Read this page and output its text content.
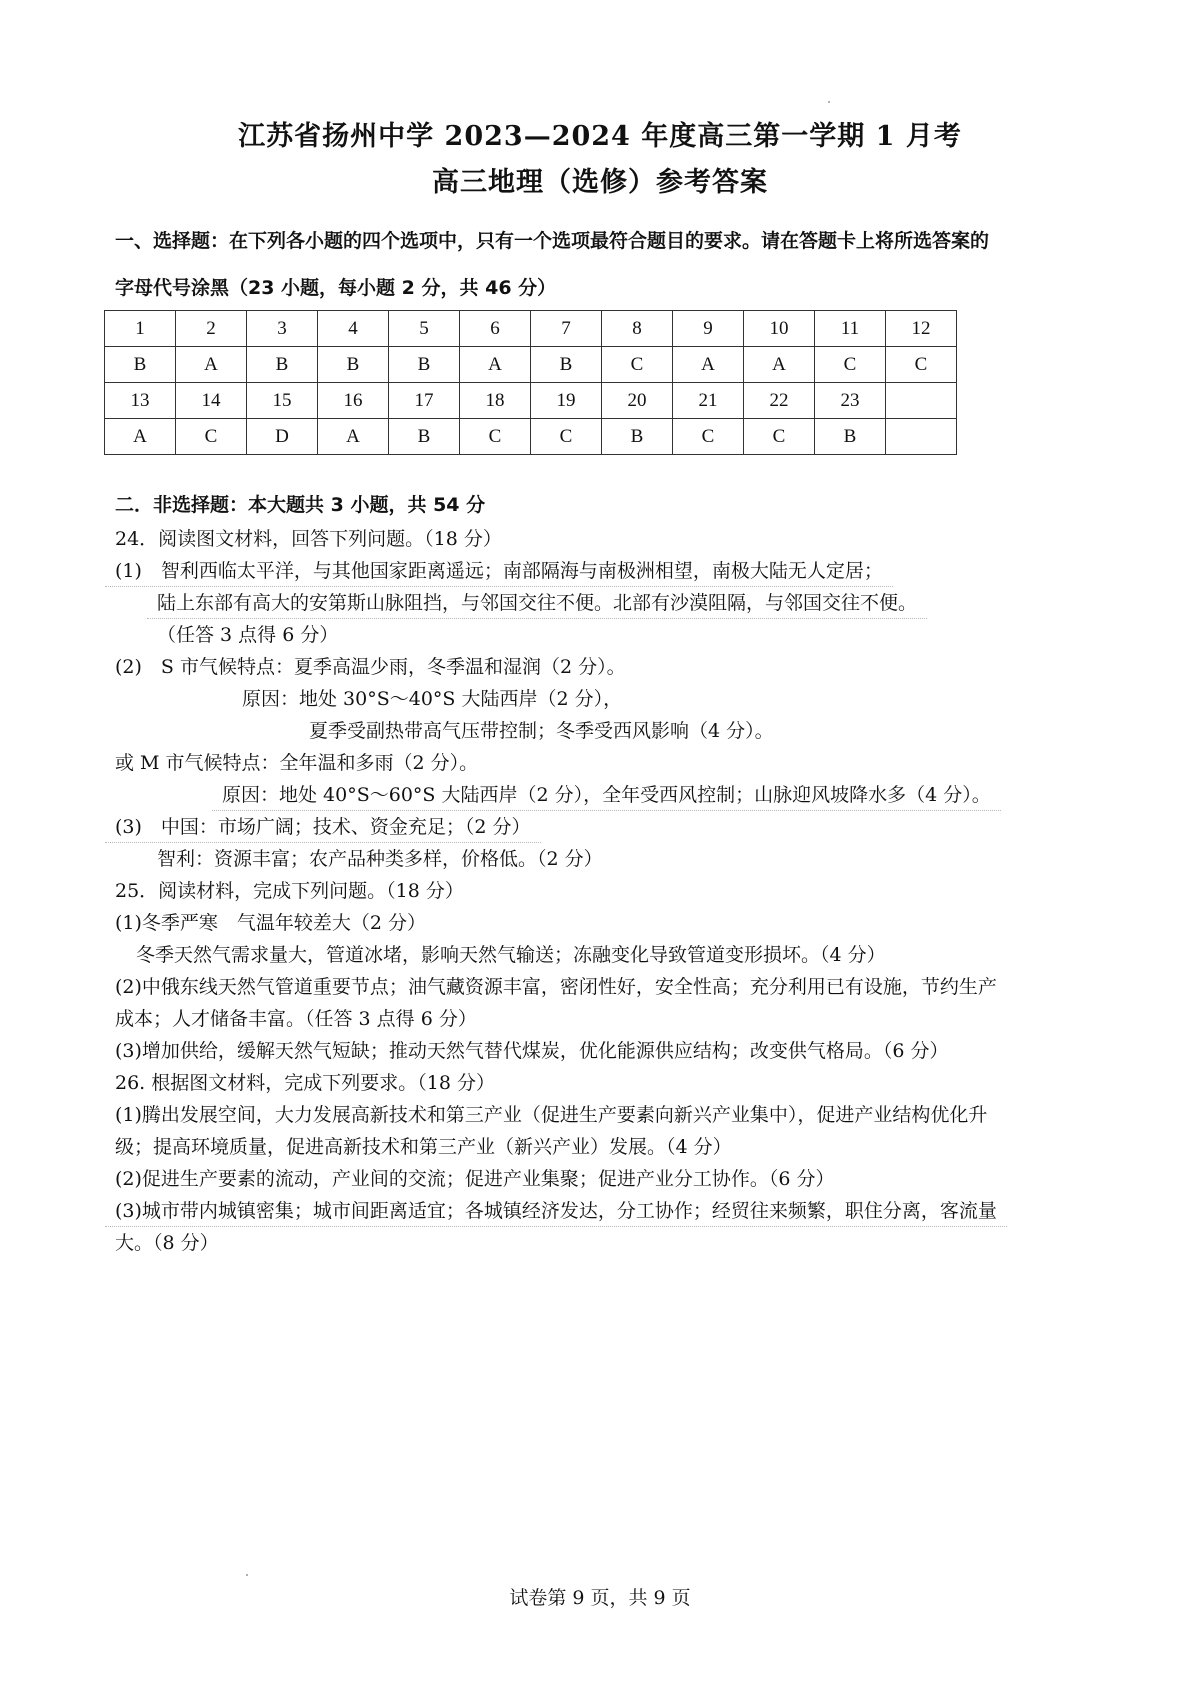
江苏省扬州中学 2023—2024 年度高三第一学期 1 月考
高三地理（选修）参考答案
一、选择题：在下列各小题的四个选项中，只有一个选项最符合题目的要求。请在答题卡上将所选答案的
字母代号涂黑（23 小题，每小题 2 分，共 46 分）
1	2	3	4	5	6	7	8	9	10	11	12
B	A	B	B	B	A	B	C	A	A	C	C
13	14	15	16	17	18	19	20	21	22	23	
A	C	D	A	B	C	C	B	C	C	B	
二．非选择题：本大题共 3 小题，共 54 分
24．阅读图文材料，回答下列问题。（18 分）
(1)　智利西临太平洋，与其他国家距离遥远；南部隔海与南极洲相望，南极大陆无人定居；
陆上东部有高大的安第斯山脉阻挡，与邻国交往不便。北部有沙漠阻隔，与邻国交往不便。
（任答 3 点得 6 分）
(2)　S 市气候特点：夏季高温少雨，冬季温和湿润（2 分）。
原因：地处 30°S～40°S 大陆西岸（2 分），
夏季受副热带高气压带控制；冬季受西风影响（4 分）。
或 M 市气候特点：全年温和多雨（2 分）。
原因：地处 40°S～60°S 大陆西岸（2 分），全年受西风控制；山脉迎风坡降水多（4 分）。
(3)　中国：市场广阔；技术、资金充足；（2 分）
智利：资源丰富；农产品种类多样，价格低。（2 分）
25．阅读材料，完成下列问题。（18 分）
(1)冬季严寒　气温年较差大（2 分）
冬季天然气需求量大，管道冰堵，影响天然气输送；冻融变化导致管道变形损坏。（4 分）
(2)中俄东线天然气管道重要节点；油气藏资源丰富，密闭性好，安全性高；充分利用已有设施，节约生产
成本；人才储备丰富。（任答 3 点得 6 分）
(3)增加供给，缓解天然气短缺；推动天然气替代煤炭，优化能源供应结构；改变供气格局。（6 分）
26. 根据图文材料，完成下列要求。（18 分）
(1)腾出发展空间，大力发展高新技术和第三产业（促进生产要素向新兴产业集中），促进产业结构优化升
级；提高环境质量，促进高新技术和第三产业（新兴产业）发展。（4 分）
(2)促进生产要素的流动，产业间的交流；促进产业集聚；促进产业分工协作。（6 分）
(3)城市带内城镇密集；城市间距离适宜；各城镇经济发达，分工协作；经贸往来频繁，职住分离，客流量
大。（8 分）
试卷第 9 页，共 9 页
